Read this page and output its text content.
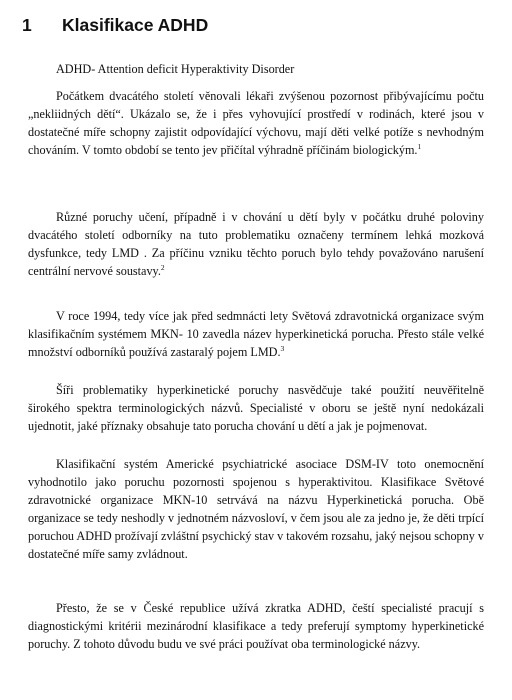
1 Klasifikace ADHD

ADHD- Attention deficit Hyperaktivity Disorder

Počátkem dvacátého století věnovali lékaři zvýšenou pozornost přibývajícímu počtu „nekliidných dětí“. Ukázalo se, že i přes vyhovující prostředí v rodinách, které jsou v dostatečné míře schopny zajistit odpovídající výchovu, mají děti velké potíže s nevhodným chováním. V tomto období se tento jev přičítal výhradně příčinám biologickým.$^1$

Různé poruchy učení, případně i v chování u dětí byly v počátku druhé poloviny dvacátého století odborníky na tuto problematiku označeny termínem lehká mozková dysfunkce, tedy LMD . Za příčinu vzniku těchto poruch bylo tehdy považováno narušení centrální nervové soustavy.$^2$

V roce 1994, tedy více jak před sedmnácti lety Světová zdravotnická organizace svým klasifikačním systémem MKN- 10 zavedla název hyperkinetická porucha. Přesto stále velké množství odborníků používá zastaralý pojem LMD.$^3$

Šíři problematiky hyperkinetické poruchy nasvědčuje také použití neuvěřitelně širokého spektra terminologických názvů. Specialisté v oboru se ještě nyní nedokázali ujednotit, jaké příznaky obsahuje tato porucha chování u dětí a jak je pojmenovat.

Klasifikační systém Americké psychiatrické asociace DSM-IV toto onemocnění vyhodnotilo jako poruchu pozornosti spojenou s hyperaktivitou. Klasifikace Světové zdravotnické organizace MKN-10 setrvává na názvu Hyperkinetická porucha. Obě organizace se tedy neshodly v jednotném názvosloví, v čem jsou ale za jedno je, že děti trpící poruchou ADHD prožívají zvláštní psychický stav v takovém rozsahu, jaký nejsou schopny v dostatečné míře samy zvládnout.

Přesto, že se v České republice užívá zkratka ADHD, čeští specialisté pracují s diagnostickými kritérii mezinárodní klasifikace a tedy preferují symptomy hyperkinetické poruchy. Z tohoto důvodu budu ve své práci používat oba terminologické názvy.
